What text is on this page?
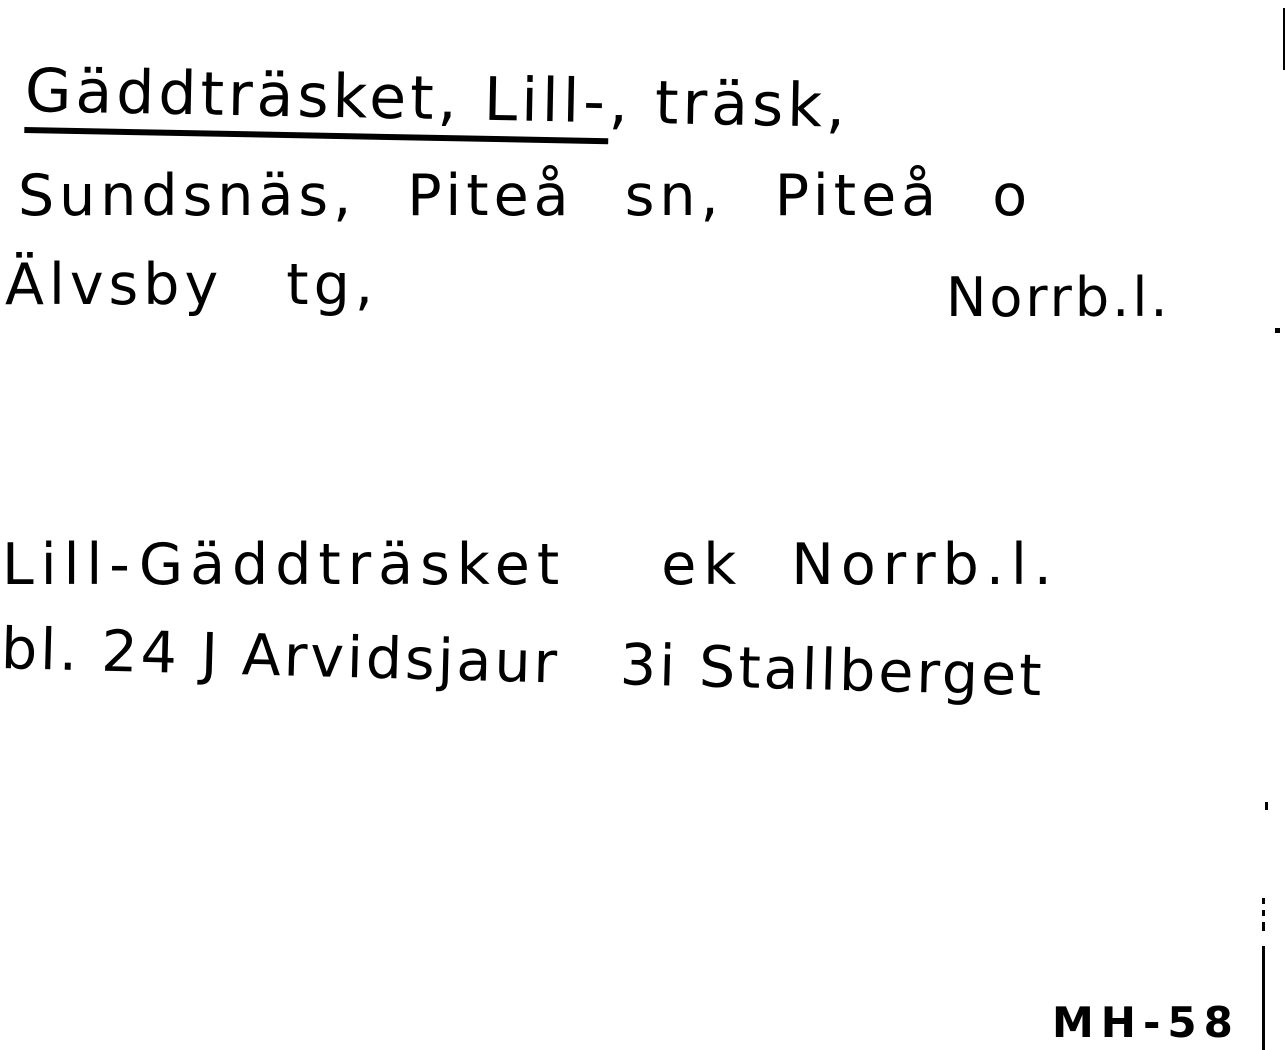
Gäddträsket, Lill-, träsk,
Sundsnäs, Piteå sn, Piteå o
Älvsby tg,	Norrb.l.
Lill-Gäddträsket ek Norrb.l.
bl. 24 J Arvidsjaur 3i Stallberget
MH-58
